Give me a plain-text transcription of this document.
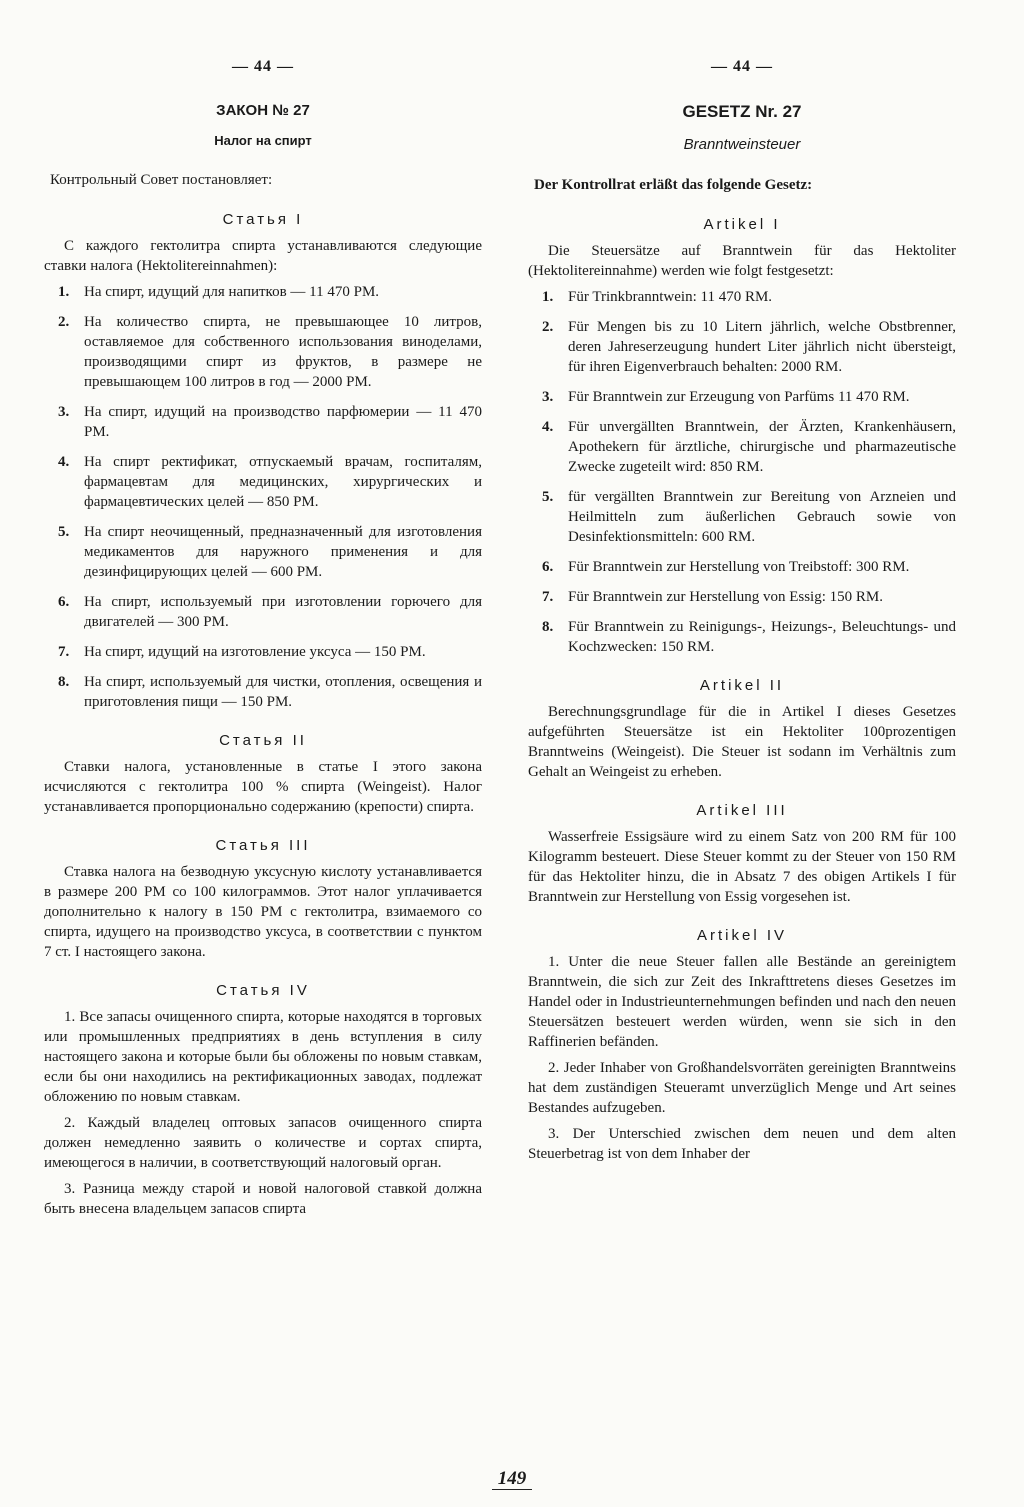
— 44 —
ЗАКОН № 27
Налог на спирт
Контрольный Совет постановляет:
Статья I

С каждого гектолитра спирта устанавливаются следующие ставки налога (Hektolitereinnahmen):

1. На спирт, идущий для напитков — 11 470 РМ.
2. На количество спирта, не превышающее 10 литров, оставляемое для собственного использования виноделами, производящими спирт из фруктов, в размере не превышающем 100 литров в год — 2000 РМ.
3. На спирт, идущий на производство парфюмерии — 11 470 РМ.
4. На спирт ректификат, отпускаемый врачам, госпиталям, фармацевтам для медицинских, хирургических и фармацевтических целей — 850 РМ.
5. На спирт неочищенный, предназначенный для изготовления медикаментов для наружного применения и для дезинфицирующих целей — 600 РМ.
6. На спирт, используемый при изготовлении горючего для двигателей — 300 РМ.
7. На спирт, идущий на изготовление уксуса — 150 РМ.
8. На спирт, используемый для чистки, отопления, освещения и приготовления пищи — 150 РМ.
Статья II

Ставки налога, установленные в статье I этого закона исчисляются с гектолитра 100 % спирта (Weingeist). Налог устанавливается пропорционально содержанию (крепости) спирта.

Статья III

Ставка налога на безводную уксусную кислоту устанавливается в размере 200 РМ со 100 килограммов. Этот налог уплачивается дополнительно к налогу в 150 РМ с гектолитра, взимаемого со спирта, идущего на производство уксуса, в соответствии с пунктом 7 ст. I настоящего закона.

Статья IV

1. Все запасы очищенного спирта, которые находятся в торговых или промышленных предприятиях в день вступления в силу настоящего закона и которые были бы обложены по новым ставкам, если бы они находились на ректификационных заводах, подлежат обложению по новым ставкам.

2. Каждый владелец оптовых запасов очищенного спирта должен немедленно заявить о количестве и сортах спирта, имеющегося в наличии, в соответствующий налоговый орган.

3. Разница между старой и новой налоговой ставкой должна быть внесена владельцем запасов спирта

— 44 —
GESETZ Nr. 27
Branntweinsteuer
Der Kontrollrat erläßt das folgende Gesetz:
Artikel I

Die Steuersätze auf Branntwein für das Hektoliter (Hektolitereinnahme) werden wie folgt festgesetzt:

1. Für Trinkbranntwein: 11 470 RM.
2. Für Mengen bis zu 10 Litern jährlich, welche Obstbrenner, deren Jahreserzeugung hundert Liter jährlich nicht übersteigt, für ihren Eigenverbrauch behalten: 2000 RM.
3. Für Branntwein zur Erzeugung von Parfüms 11 470 RM.
4. Für unvergällten Branntwein, der Ärzten, Krankenhäusern, Apothekern für ärztliche, chirurgische und pharmazeutische Zwecke zugeteilt wird: 850 RM.
5. für vergällten Branntwein zur Bereitung von Arzneien und Heilmitteln zum äußerlichen Gebrauch sowie von Desinfektionsmitteln: 600 RM.
6. Für Branntwein zur Herstellung von Treibstoff: 300 RM.
7. Für Branntwein zur Herstellung von Essig: 150 RM.
8. Für Branntwein zu Reinigungs-, Heizungs-, Beleuchtungs- und Kochzwecken: 150 RM.
Artikel II

Berechnungsgrundlage für die in Artikel I dieses Gesetzes aufgeführten Steuersätze ist ein Hektoliter 100prozentigen Branntweins (Weingeist). Die Steuer ist sodann im Verhältnis zum Gehalt an Weingeist zu erheben.

Artikel III

Wasserfreie Essigsäure wird zu einem Satz von 200 RM für 100 Kilogramm besteuert. Diese Steuer kommt zu der Steuer von 150 RM für das Hektoliter hinzu, die in Absatz 7 des obigen Artikels I für Branntwein zur Herstellung von Essig vorgesehen ist.

Artikel IV

1. Unter die neue Steuer fallen alle Bestände an gereinigtem Branntwein, die sich zur Zeit des Inkrafttretens dieses Gesetzes im Handel oder in Industrieunternehmungen befinden und nach den neuen Steuersätzen besteuert werden würden, wenn sie sich in den Raffinerien befänden.

2. Jeder Inhaber von Großhandelsvorräten gereinigten Branntweins hat dem zuständigen Steueramt unverzüglich Menge und Art seines Bestandes aufzugeben.

3. Der Unterschied zwischen dem neuen und dem alten Steuerbetrag ist von dem Inhaber der

149
